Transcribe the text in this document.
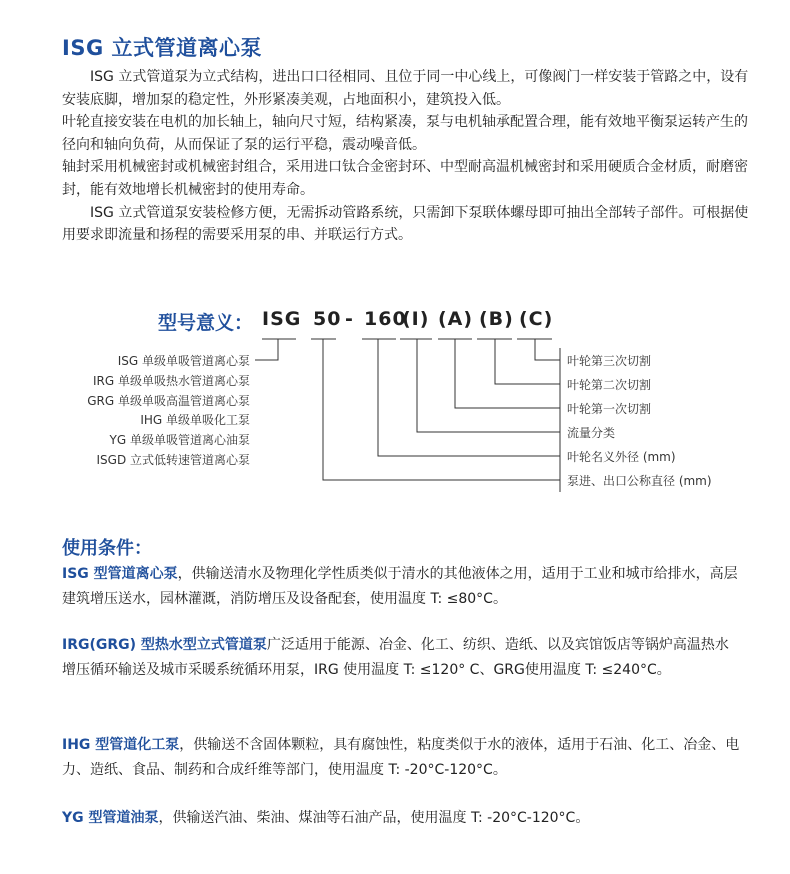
ISG 立式管道离心泵

ISG 立式管道泵为立式结构，进出口口径相同、且位于同一中心线上，可像阀门一样安装于管路之中，设有安装底脚，增加泵的稳定性，外形紧凑美观，占地面积小，建筑投入低。

叶轮直接安装在电机的加长轴上，轴向尺寸短，结构紧凑，泵与电机轴承配置合理，能有效地平衡泵运转产生的径向和轴向负荷，从而保证了泵的运行平稳，震动噪音低。

轴封采用机械密封或机械密封组合，采用进口钛合金密封环、中型耐高温机械密封和采用硬质合金材质，耐磨密封，能有效地增长机械密封的使用寿命。

ISG 立式管道泵安装检修方便，无需拆动管路系统，只需卸下泵联体螺母即可抽出全部转子部件。可根据使用要求即流量和扬程的需要采用泵的串、并联运行方式。

型号意义： ISG 50 - 160
(I) (A) (B) (C)
ISG 单级单吸管道离心泵
IRG 单级单吸热水管道离心泵
GRG 单级单吸高温管道离心泵
IHG 单级单吸化工泵
YG 单级单吸管道离心油泵
ISGD 立式低转速管道离心泵
叶轮第三次切割
叶轮第二次切割
叶轮第一次切割
流量分类
叶轮名义外径 (mm)
泵进、出口公称直径 (mm)
使用条件：
ISG 型管道离心泵，供输送清水及物理化学性质类似于清水的其他液体之用，适用于工业和城市给排水，高层建筑增压送水，园林灌溉，消防增压及设备配套，使用温度 T: ≤80°C。
IRG(GRG) 型热水型立式管道泵广泛适用于能源、冶金、化工、纺织、造纸、以及宾馆饭店等锅炉高温热水增压循环输送及城市采暖系统循环用泵，IRG 使用温度 T: ≤120° C、GRG使用温度 T: ≤240°C。
IHG 型管道化工泵，供输送不含固体颗粒，具有腐蚀性，粘度类似于水的液体，适用于石油、化工、冶金、电力、造纸、食品、制药和合成纤维等部门，使用温度 T: -20°C-120°C。
YG 型管道油泵，供输送汽油、柴油、煤油等石油产品，使用温度 T: -20°C-120°C。
